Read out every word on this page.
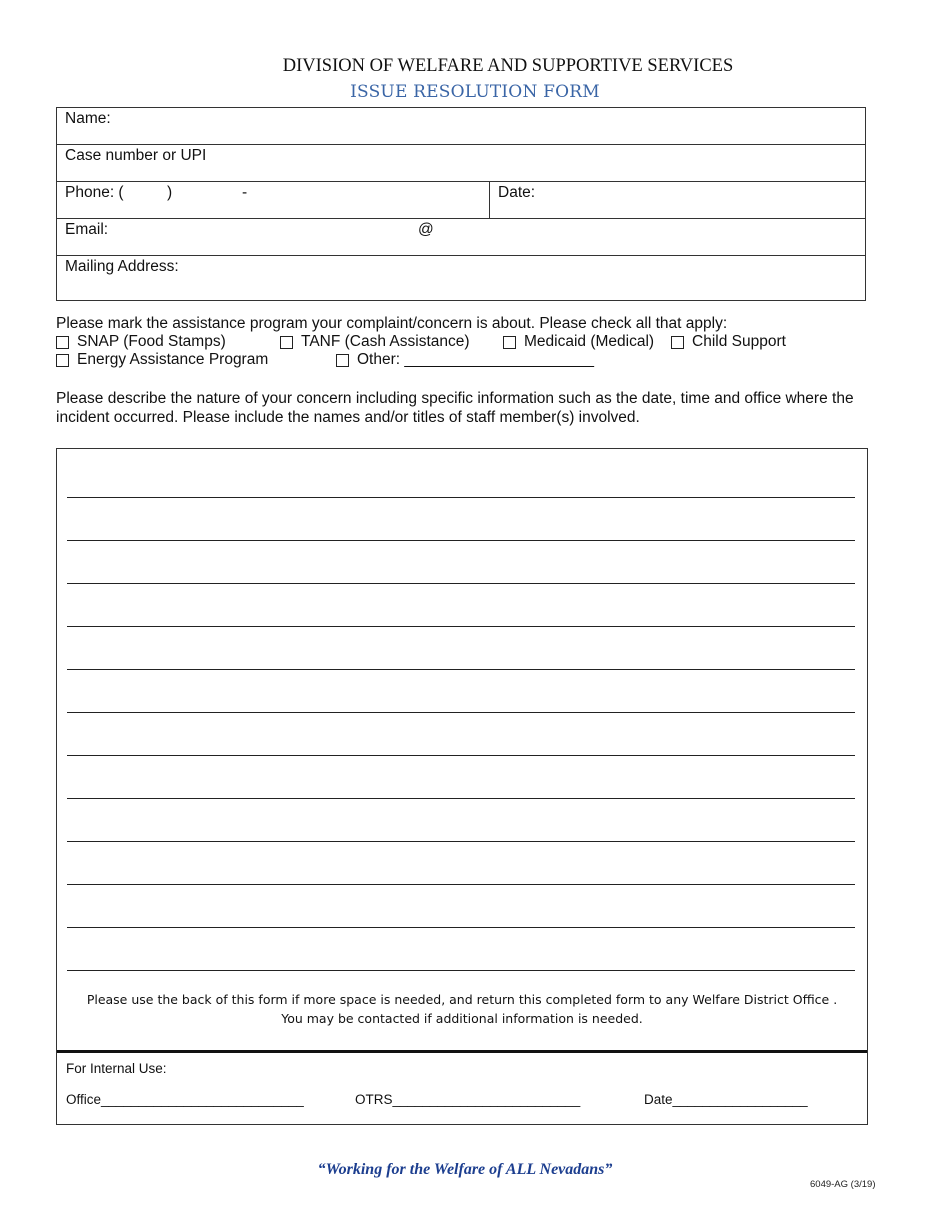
DIVISION OF WELFARE AND SUPPORTIVE SERVICES
ISSUE RESOLUTION FORM
Name:
Case number or UPI
Phone: (	)	-	Date:
Email:	@
Mailing Address:
Please mark the assistance program your complaint/concern is about. Please check all that apply:
SNAP (Food Stamps)	TANF (Cash Assistance)	Medicaid (Medical) Child Support
Energy Assistance Program	Other: ______________________
Please describe the nature of your concern including specific information such as the date, time and office where the incident occurred. Please include the names and/or titles of staff member(s) involved.
Please use the back of this form if more space is needed, and return this completed form to any Welfare District Office .
You may be contacted if additional information is needed.
For Internal Use:
Office___________________________	OTRS_________________________	Date__________________
“Working for the Welfare of ALL Nevadans”
6049-AG (3/19)
